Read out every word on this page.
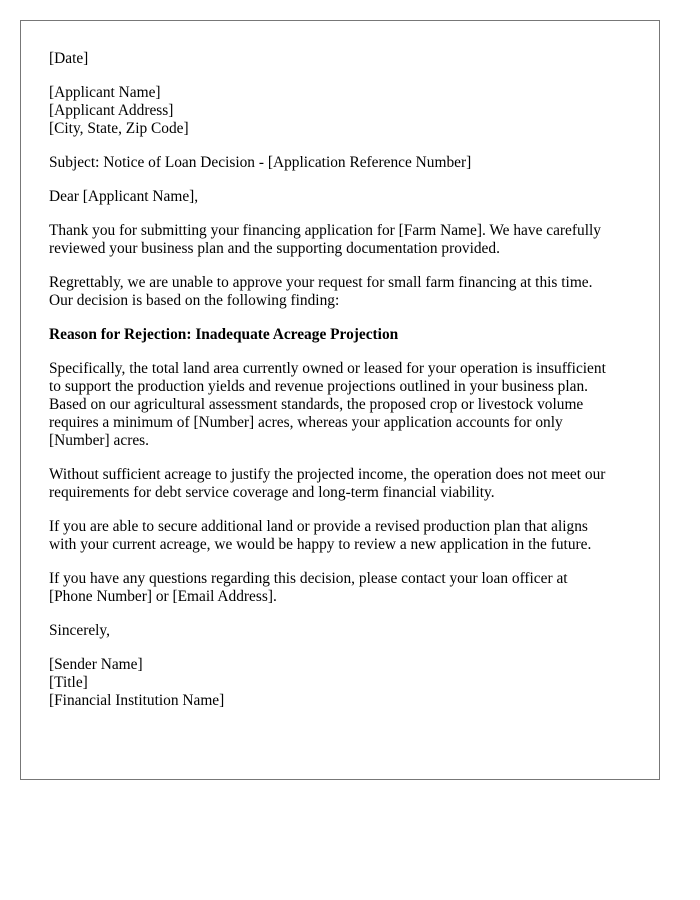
[Date]
[Applicant Name]
[Applicant Address]
[City, State, Zip Code]
Subject: Notice of Loan Decision - [Application Reference Number]
Dear [Applicant Name],
Thank you for submitting your financing application for [Farm Name]. We have carefully
reviewed your business plan and the supporting documentation provided.
Regrettably, we are unable to approve your request for small farm financing at this time.
Our decision is based on the following finding:
Reason for Rejection: Inadequate Acreage Projection
Specifically, the total land area currently owned or leased for your operation is insufficient
to support the production yields and revenue projections outlined in your business plan.
Based on our agricultural assessment standards, the proposed crop or livestock volume
requires a minimum of [Number] acres, whereas your application accounts for only
[Number] acres.
Without sufficient acreage to justify the projected income, the operation does not meet our
requirements for debt service coverage and long-term financial viability.
If you are able to secure additional land or provide a revised production plan that aligns
with your current acreage, we would be happy to review a new application in the future.
If you have any questions regarding this decision, please contact your loan officer at
[Phone Number] or [Email Address].
Sincerely,
[Sender Name]
[Title]
[Financial Institution Name]
